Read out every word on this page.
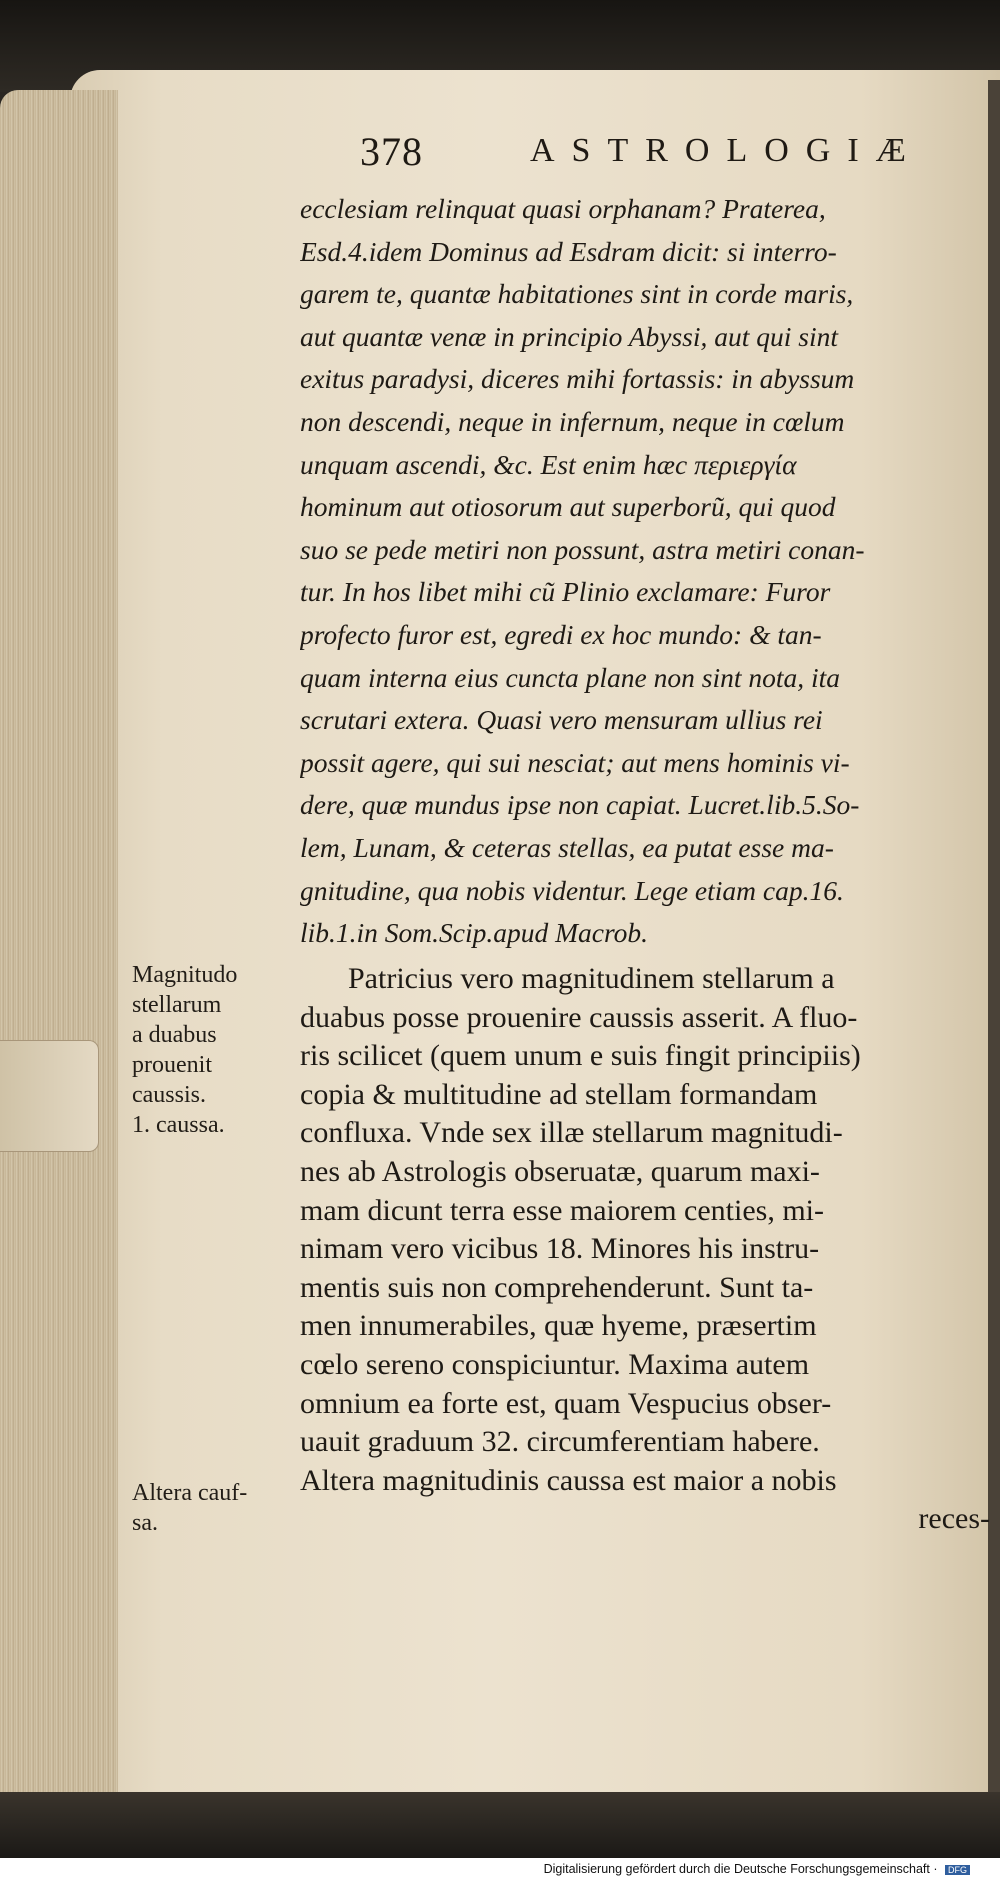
378	ASTROLOGIÆ
ecclesiam relinquat quasi orphanam? Praterea,
Esd.4.idem Dominus ad Esdram dicit: si interro-
garem te, quantæ habitationes sint in corde maris,
aut quantæ venæ in principio Abyssi, aut qui sint
exitus paradysi, diceres mihi fortassis: in abyssum
non descendi, neque in infernum, neque in cœlum
unquam ascendi, &c. Est enim hæc περιεργία
hominum aut otiosorum aut superborũ, qui quod
suo se pede metiri non possunt, astra metiri conan-
tur. In hos libet mihi cũ Plinio exclamare: Furor
profecto furor est, egredi ex hoc mundo: & tan-
quam interna eius cuncta plane non sint nota, ita
scrutari extera. Quasi vero mensuram ullius rei
possit agere, qui sui nesciat; aut mens hominis vi-
dere, quæ mundus ipse non capiat. Lucret.lib.5.So-
lem, Lunam, & ceteras stellas, ea putat esse ma-
gnitudine, qua nobis videntur. Lege etiam cap.16.
lib.1.in Som.Scip.apud Macrob.
Patricius vero magnitudinem stellarum a
duabus posse prouenire caussis asserit. A fluo-
ris scilicet (quem unum e suis fingit principiis)
copia & multitudine ad stellam formandam
confluxa. Vnde sex illæ stellarum magnitudi-
nes ab Astrologis obseruatæ, quarum maxi-
mam dicunt terra esse maiorem centies, mi-
nimam vero vicibus 18. Minores his instru-
mentis suis non comprehenderunt. Sunt ta-
men innumerabiles, quæ hyeme, præsertim
cœlo sereno conspiciuntur. Maxima autem
omnium ea forte est, quam Vespucius obser-
uauit graduum 32. circumferentiam habere.
Altera magnitudinis caussa est maior a nobis
reces-
Magnitudo
stellarum
a duabus
prouenit
caussis.
1. caussa.
Altera cauf-
sa.
Digitalisierung gefördert durch die Deutsche Forschungsgemeinschaft · DFG
